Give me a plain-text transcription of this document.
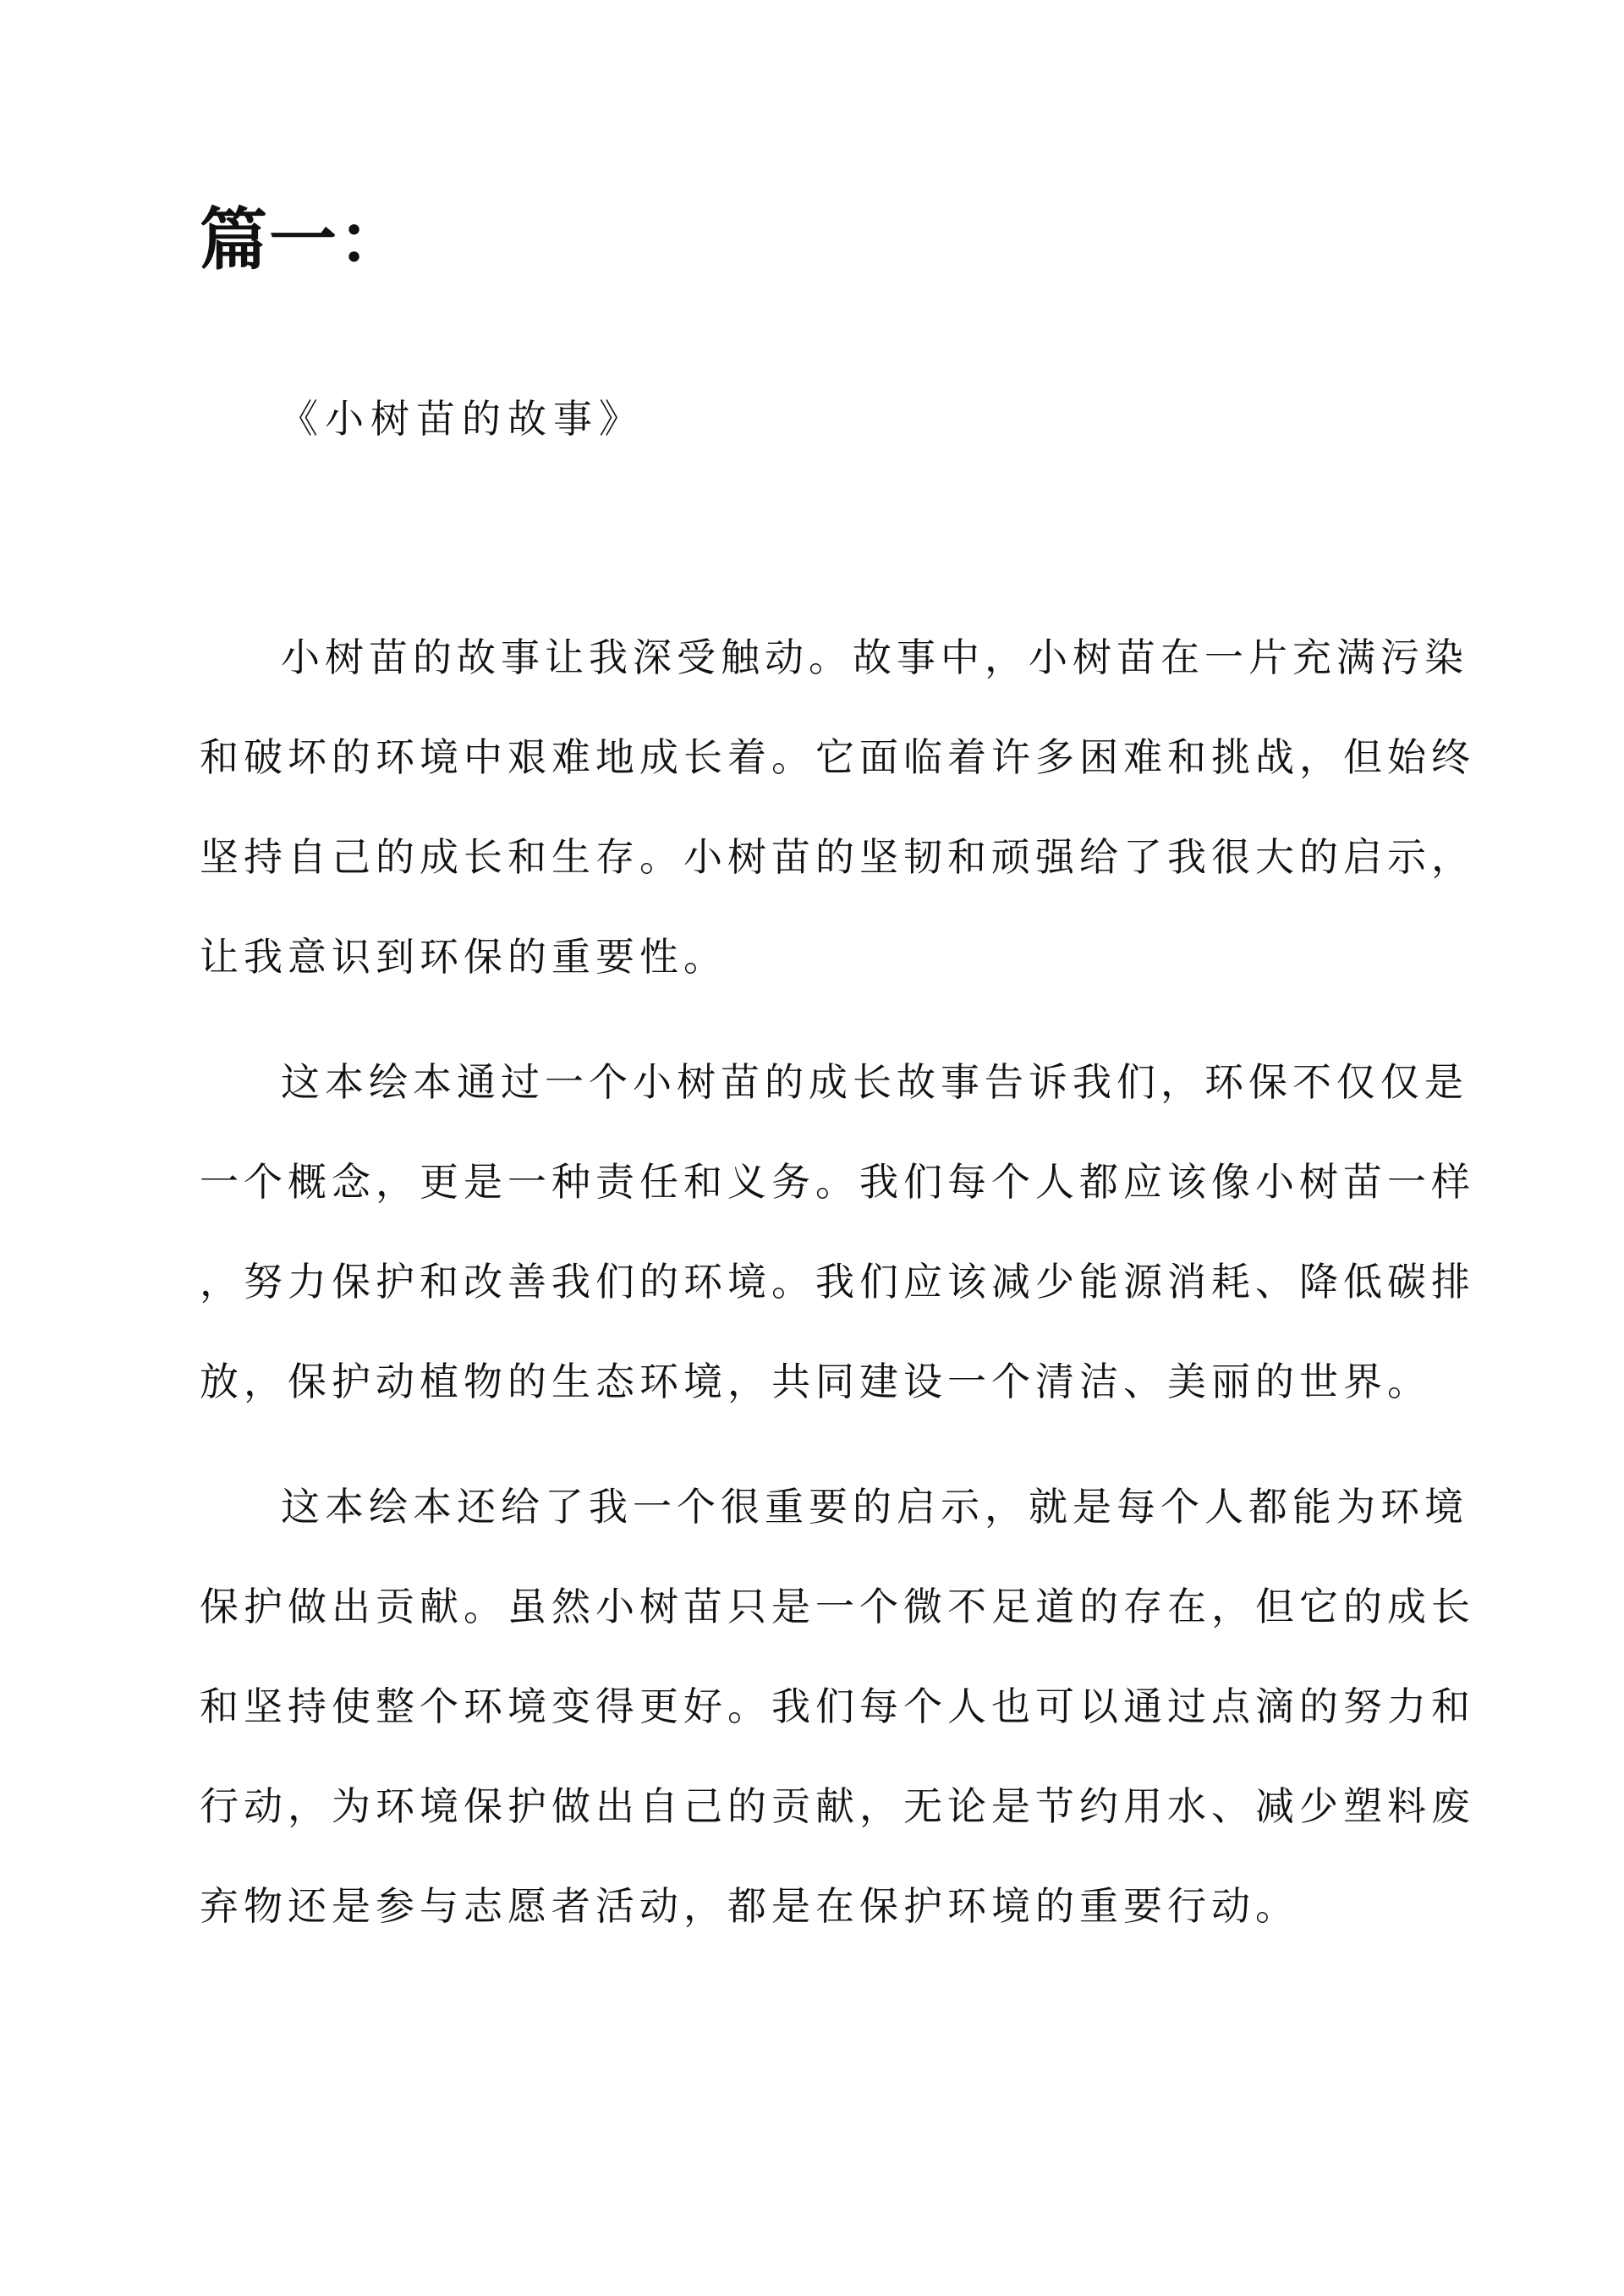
篇一：

《小树苗的故事》

小树苗的故事让我深受触动。故事中，小树苗在一片充满污染
和破坏的环境中艰难地成长着。它面临着许多困难和挑战，但始终
坚持自己的成长和生存。小树苗的坚韧和顽强给了我很大的启示，
让我意识到环保的重要性。

这本绘本通过一个小树苗的成长故事告诉我们，环保不仅仅是
一个概念，更是一种责任和义务。我们每个人都应该像小树苗一样
，努力保护和改善我们的环境。我们应该减少能源消耗、降低碳排
放，保护动植物的生态环境，共同建设一个清洁、美丽的世界。

这本绘本还给了我一个很重要的启示，就是每个人都能为环境
保护做出贡献。虽然小树苗只是一个微不足道的存在，但它的成长
和坚持使整个环境变得更好。我们每个人也可以通过点滴的努力和
行动，为环境保护做出自己的贡献，无论是节约用水、减少塑料废
弃物还是参与志愿者活动，都是在保护环境的重要行动。
